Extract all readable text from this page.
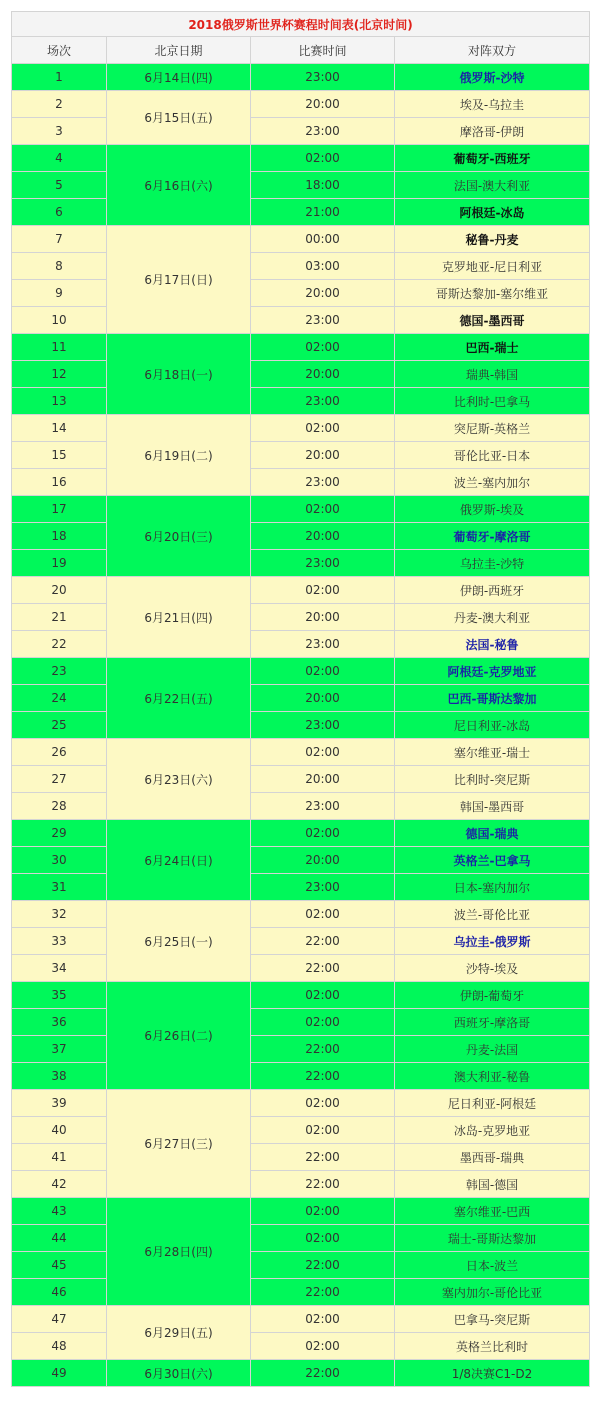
2018俄罗斯世界杯赛程时间表(北京时间)			
场次	北京日期	比赛时间	对阵双方
1	6月14日(四)	23:00	俄罗斯-沙特
2	6月15日(五)	20:00	埃及-乌拉圭
3		23:00	摩洛哥-伊朗
4	6月16日(六)	02:00	葡萄牙-西班牙
5		18:00	法国-澳大利亚
6		21:00	阿根廷-冰岛
7	6月17日(日)	00:00	秘鲁-丹麦
8		03:00	克罗地亚-尼日利亚
9		20:00	哥斯达黎加-塞尔维亚
10		23:00	德国-墨西哥
11	6月18日(一)	02:00	巴西-瑞士
12		20:00	瑞典-韩国
13		23:00	比利时-巴拿马
14	6月19日(二)	02:00	突尼斯-英格兰
15		20:00	哥伦比亚-日本
16		23:00	波兰-塞内加尔
17	6月20日(三)	02:00	俄罗斯-埃及
18		20:00	葡萄牙-摩洛哥
19		23:00	乌拉圭-沙特
20	6月21日(四)	02:00	伊朗-西班牙
21		20:00	丹麦-澳大利亚
22		23:00	法国-秘鲁
23	6月22日(五)	02:00	阿根廷-克罗地亚
24		20:00	巴西-哥斯达黎加
25		23:00	尼日利亚-冰岛
26	6月23日(六)	02:00	塞尔维亚-瑞士
27		20:00	比利时-突尼斯
28		23:00	韩国-墨西哥
29	6月24日(日)	02:00	德国-瑞典
30		20:00	英格兰-巴拿马
31		23:00	日本-塞内加尔
32	6月25日(一)	02:00	波兰-哥伦比亚
33		22:00	乌拉圭-俄罗斯
34		22:00	沙特-埃及
35	6月26日(二)	02:00	伊朗-葡萄牙
36		02:00	西班牙-摩洛哥
37		22:00	丹麦-法国
38		22:00	澳大利亚-秘鲁
39	6月27日(三)	02:00	尼日利亚-阿根廷
40		02:00	冰岛-克罗地亚
41		22:00	墨西哥-瑞典
42		22:00	韩国-德国
43	6月28日(四)	02:00	塞尔维亚-巴西
44		02:00	瑞士-哥斯达黎加
45		22:00	日本-波兰
46		22:00	塞内加尔-哥伦比亚
47	6月29日(五)	02:00	巴拿马-突尼斯
48		02:00	英格兰比利时
49	6月30日(六)	22:00	1/8决赛C1-D2
